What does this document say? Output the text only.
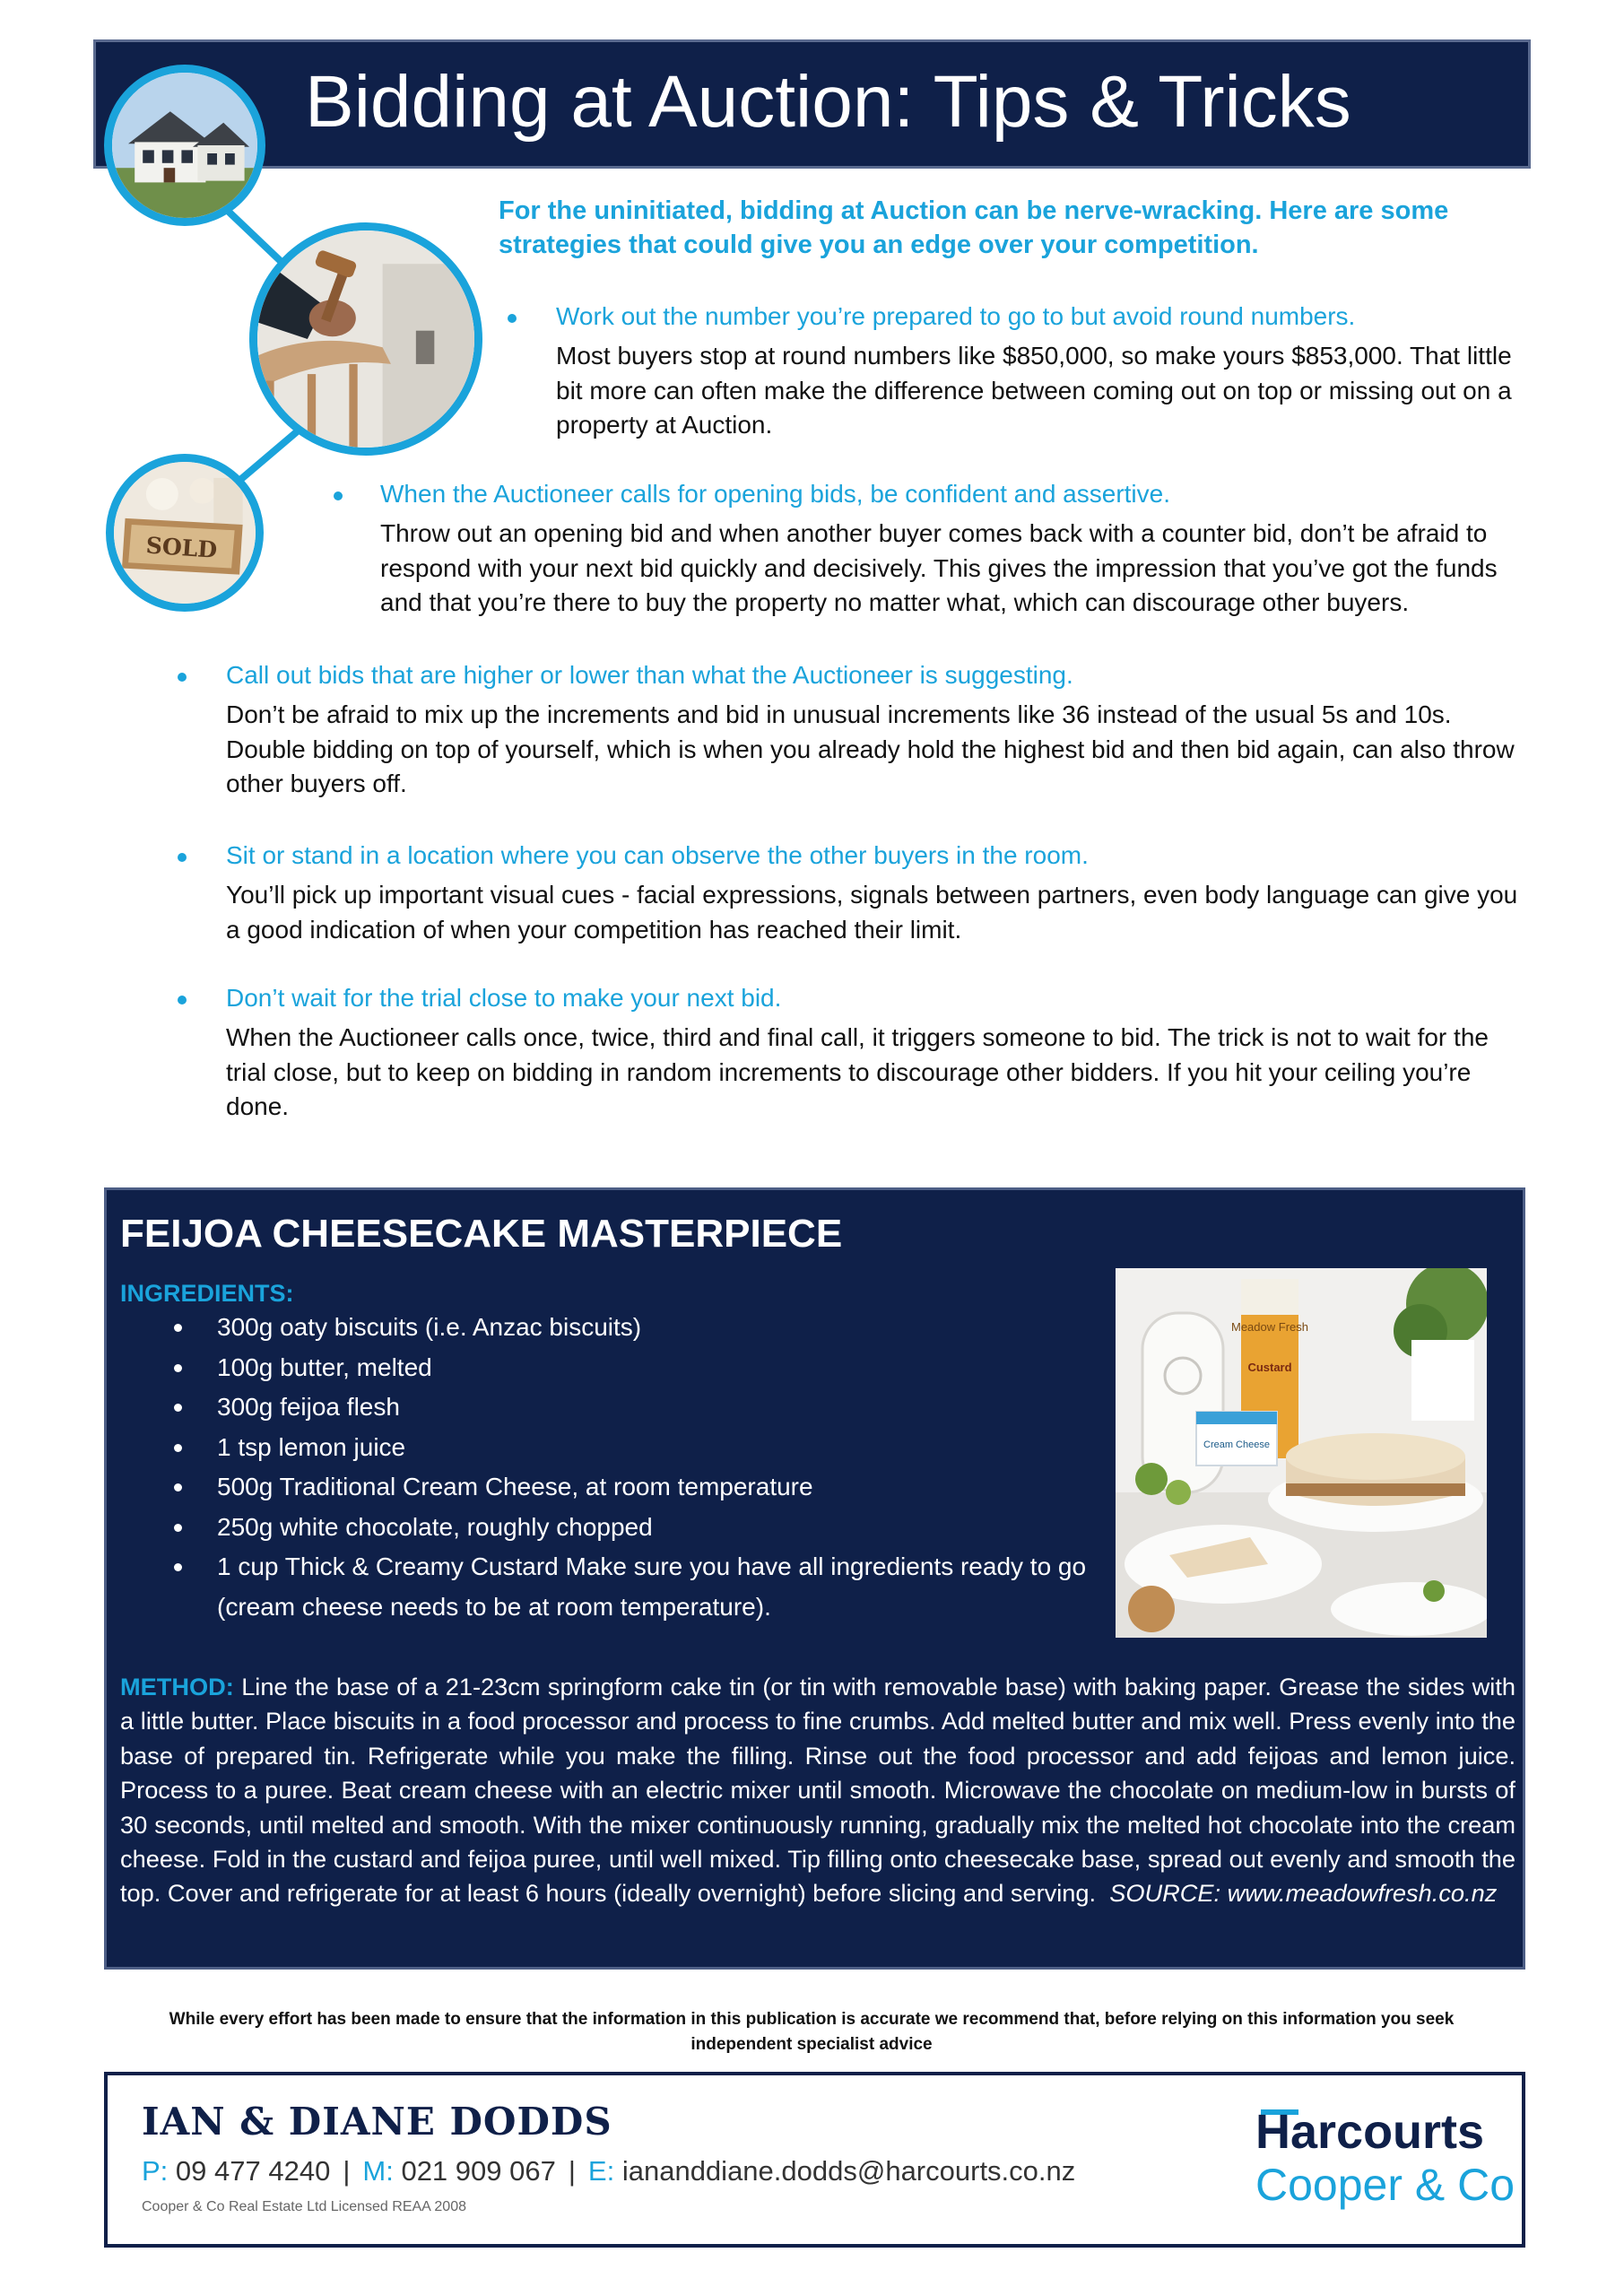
Bidding at Auction: Tips & Tricks
SOLD
For the uninitiated, bidding at Auction can be nerve-wracking. Here are some strategies that could give you an edge over your competition.

Work out the number you’re prepared to go to but avoid round numbers.

Most buyers stop at round numbers like $850,000, so make yours $853,000. That little bit more can often make the difference between coming out on top or missing out on a property at Auction.

When the Auctioneer calls for opening bids, be confident and assertive.

Throw out an opening bid and when another buyer comes back with a counter bid, don’t be afraid to respond with your next bid quickly and decisively. This gives the impression that you’ve got the funds and that you’re there to buy the property no matter what, which can discourage other buyers.

Call out bids that are higher or lower than what the Auctioneer is suggesting.

Don’t be afraid to mix up the increments and bid in unusual increments like 36 instead of the usual 5s and 10s. Double bidding on top of yourself, which is when you already hold the highest bid and then bid again, can also throw other buyers off.

Sit or stand in a location where you can observe the other buyers in the room.

You’ll pick up important visual cues - facial expressions, signals between partners, even body language can give you a good indication of when your competition has reached their limit.

Don’t wait for the trial close to make your next bid.

When the Auctioneer calls once, twice, third and final call, it triggers someone to bid. The trick is not to wait for the trial close, but to keep on bidding in random increments to discourage other bidders. If you hit your ceiling you’re done.

FEIJOA CHEESECAKE MASTERPIECE
INGREDIENTS:
300g oaty biscuits (i.e. Anzac biscuits)
100g butter, melted
300g feijoa flesh
1 tsp lemon juice
500g Traditional Cream Cheese, at room temperature
250g white chocolate, roughly chopped
1 cup Thick & Creamy Custard Make sure you have all ingredients ready to go (cream cheese needs to be at room temperature).
Meadow Fresh
Custard
Cream Cheese

METHOD: Line the base of a 21-23cm springform cake tin (or tin with removable base) with baking paper. Grease the sides with a little butter. Place biscuits in a food processor and process to fine crumbs. Add melted butter and mix well. Press evenly into the base of prepared tin. Refrigerate while you make the filling. Rinse out the food processor and add feijoas and lemon juice. Process to a puree. Beat cream cheese with an electric mixer until smooth. Microwave the chocolate on medium-low in bursts of 30 seconds, until melted and smooth. With the mixer continuously running, gradually mix the melted hot chocolate into the cream cheese. Fold in the custard and feijoa puree, until well mixed. Tip filling onto cheesecake base, spread out evenly and smooth the top. Cover and refrigerate for at least 6 hours (ideally overnight) before slicing and serving. SOURCE: www.meadowfresh.co.nz

While every effort has been made to ensure that the information in this publication is accurate we recommend that, before relying on this information you seek independent specialist advice
IAN & DIANE DODDS
P: 09 477 4240 | M: 021 909 067 | E: iananddiane.dodds@harcourts.co.nz
Cooper & Co Real Estate Ltd Licensed REAA 2008
Harcourts
Cooper & Co
